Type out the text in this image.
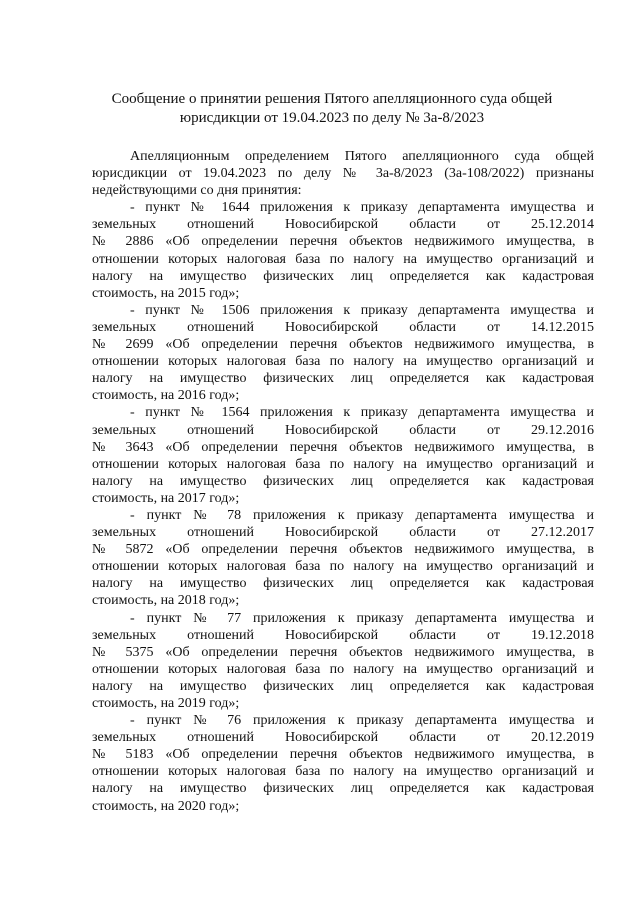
Сообщение о принятии решения Пятого апелляционного суда общей
юрисдикции от 19.04.2023 по делу № 3а-8/2023
Апелляционным определением Пятого апелляционного суда общей
юрисдикции от 19.04.2023 по делу № 3а-8/2023 (3а-108/2022) признаны
недействующими со дня принятия:
- пункт № 1644 приложения к приказу департамента имущества и
земельных отношений Новосибирской области от 25.12.2014
№ 2886 «Об определении перечня объектов недвижимого имущества, в
отношении которых налоговая база по налогу на имущество организаций и
налогу на имущество физических лиц определяется как кадастровая
стоимость, на 2015 год»;
- пункт № 1506 приложения к приказу департамента имущества и
земельных отношений Новосибирской области от 14.12.2015
№ 2699 «Об определении перечня объектов недвижимого имущества, в
отношении которых налоговая база по налогу на имущество организаций и
налогу на имущество физических лиц определяется как кадастровая
стоимость, на 2016 год»;
- пункт № 1564 приложения к приказу департамента имущества и
земельных отношений Новосибирской области от 29.12.2016
№ 3643 «Об определении перечня объектов недвижимого имущества, в
отношении которых налоговая база по налогу на имущество организаций и
налогу на имущество физических лиц определяется как кадастровая
стоимость, на 2017 год»;
- пункт № 78 приложения к приказу департамента имущества и
земельных отношений Новосибирской области от 27.12.2017
№ 5872 «Об определении перечня объектов недвижимого имущества, в
отношении которых налоговая база по налогу на имущество организаций и
налогу на имущество физических лиц определяется как кадастровая
стоимость, на 2018 год»;
- пункт № 77 приложения к приказу департамента имущества и
земельных отношений Новосибирской области от 19.12.2018
№ 5375 «Об определении перечня объектов недвижимого имущества, в
отношении которых налоговая база по налогу на имущество организаций и
налогу на имущество физических лиц определяется как кадастровая
стоимость, на 2019 год»;
- пункт № 76 приложения к приказу департамента имущества и
земельных отношений Новосибирской области от 20.12.2019
№ 5183 «Об определении перечня объектов недвижимого имущества, в
отношении которых налоговая база по налогу на имущество организаций и
налогу на имущество физических лиц определяется как кадастровая
стоимость, на 2020 год»;
